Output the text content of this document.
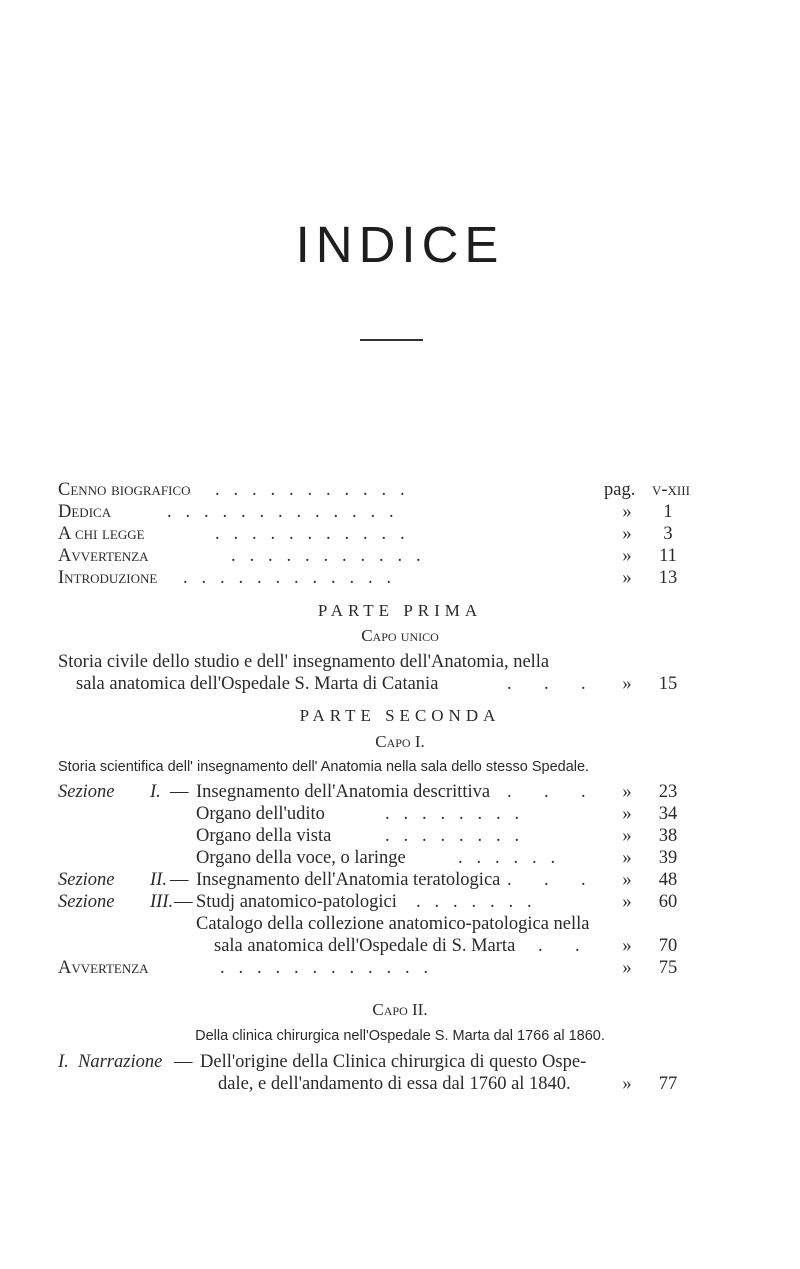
INDICE
Cenno biografico .   .   .   .   .   .   .   .   .   .   .	pag. v-xiii
Dedica	.   .   .   .   .   .   .   .   .   .   .   .   .	»	1
A chi legge	.   .   .   .   .   .   .   .   .   .   .	»	3
Avvertenza	.   .   .   .   .   .   .   .   .   .   .	»	11
Introduzione .   .   .   .   .   .   .   .   .   .   .   .	»	13
PARTE PRIMA
Capo unico
Storia civile dello studio e dell' insegnamento dell'Anatomia, nella
sala anatomica dell'Ospedale S. Marta di Catania	.       .       . »	15
PARTE SECONDA
Capo I.
Storia scientifica dell' insegnamento dell' Anatomia nella sala dello stesso Spedale.
Sezione I. — Insegnamento dell'Anatomia descrittiva .       .       . »	23
Organo dell'udito	.   .   .   .   .   .   .   .	»	34
Organo della vista	.   .   .   .   .   .   .   .	»	38
Organo della voce, o laringe	.   .   .   .   .   .	»	39
Sezione II. — Insegnamento dell'Anatomia teratologica .       .       . »	48
Sezione III. — Studj anatomico-patologici .   .   .   .   .   .   .	»	60
Catalogo della collezione anatomico-patologica nella
sala anatomica dell'Ospedale di S. Marta .       . »	70
Avvertenza	.   .   .   .   .   .   .   .   .   .   .   .	»	75
Capo II.
Della clinica chirurgica nell'Ospedale S. Marta dal 1766 al 1860.
I. Narrazione — Dell'origine della Clinica chirurgica di questo Ospe-
dale, e dell'andamento di essa dal 1760 al 1840.	»	77
